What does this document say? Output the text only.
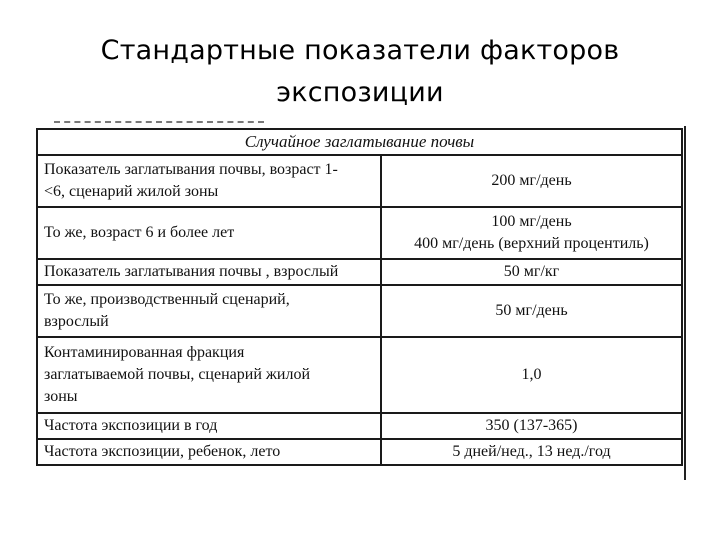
Стандартные показатели факторов
экспозиции
Случайное заглатывание почвы	

Показатель заглатывания почвы, возраст 1-
<6, сценарий жилой зоны	200 мг/день

То же, возраст 6 и более лет	100 мг/день
400 мг/день (верхний процентиль)

Показатель заглатывания почвы , взрослый	50 мг/кг

То же, производственный сценарий,
взрослый	50 мг/день

Контаминированная фракция
заглатываемой почвы, сценарий жилой
зоны	1,0

Частота экспозиции в год	350 (137-365)

Частота экспозиции, ребенок, лето	5 дней/нед., 13 нед./год
